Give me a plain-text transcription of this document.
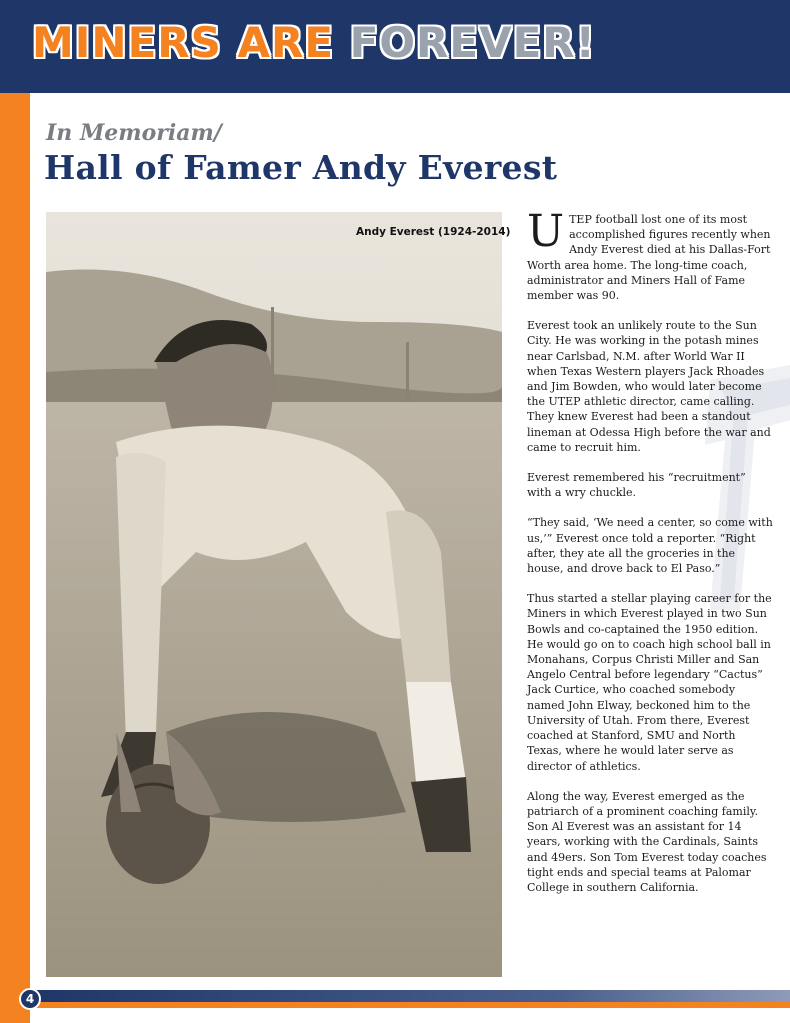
MINERS ARE FOREVER!
4
In Memoriam/
Hall of Famer Andy Everest
Andy Everest (1924-2014) UTEP football lost one of its most accomplished figures recently when Andy Everest died at his Dallas-Fort Worth area home. The long-time coach, administrator and Miners Hall of Fame member was 90.

Everest took an unlikely route to the Sun City. He was working in the potash mines near Carlsbad, N.M. after World War II when Texas Western players Jack Rhoades and Jim Bowden, who would later become the UTEP athletic director, came calling. They knew Everest had been a standout lineman at Odessa High before the war and came to recruit him.

Everest remembered his “recruitment” with a wry chuckle.

“They said, ‘We need a center, so come with us,’” Everest once told a reporter. “Right after, they ate all the groceries in the house, and drove back to El Paso.”

Thus started a stellar playing career for the Miners in which Everest played in two Sun Bowls and co-captained the 1950 edition. He would go on to coach high school ball in Monahans, Corpus Christi Miller and San Angelo Central before legendary “Cactus” Jack Curtice, who coached somebody named John Elway, beckoned him to the University of Utah. From there, Everest coached at Stanford, SMU and North Texas, where he would later serve as director of athletics.

Along the way, Everest emerged as the patriarch of a prominent coaching family. Son Al Everest was an assistant for 14 years, working with the Cardinals, Saints and 49ers. Son Tom Everest today coaches tight ends and special teams at Palomar College in southern California.
